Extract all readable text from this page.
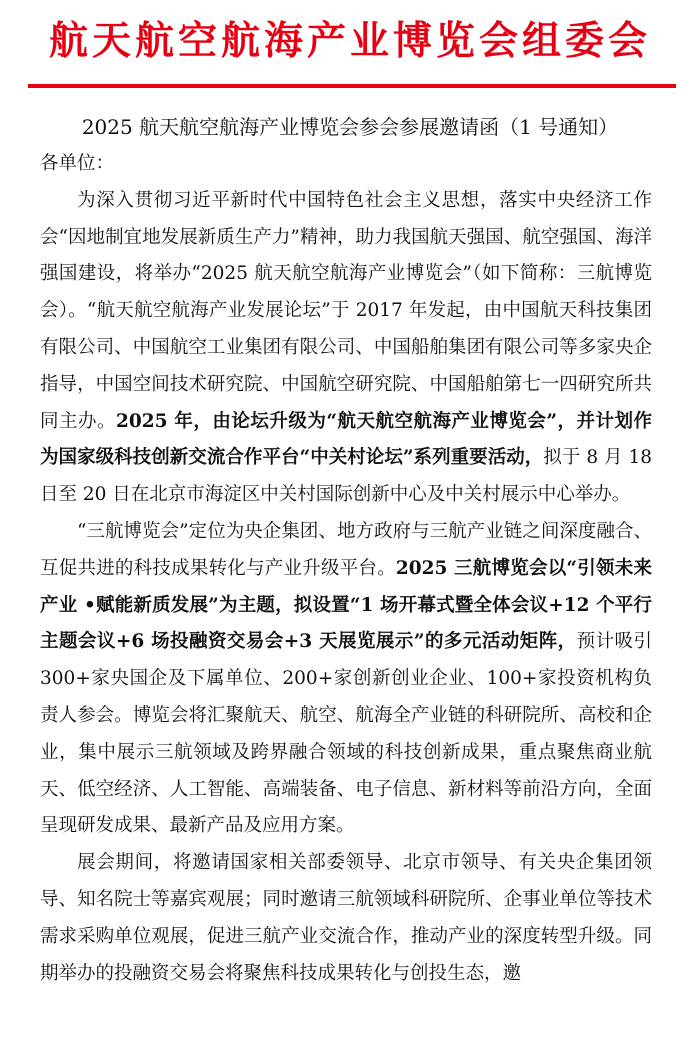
航天航空航海产业博览会组委会
2025 航天航空航海产业博览会参会参展邀请函（1 号通知）

各单位：

为深入贯彻习近平新时代中国特色社会主义思想，落实中央经济工作会“因地制宜地发展新质生产力”精神，助力我国航天强国、航空强国、海洋强国建设，将举办“2025 航天航空航海产业博览会”（如下简称：三航博览会）。“航天航空航海产业发展论坛”于 2017 年发起，由中国航天科技集团有限公司、中国航空工业集团有限公司、中国船舶集团有限公司等多家央企指导，中国空间技术研究院、中国航空研究院、中国船舶第七一四研究所共同主办。2025 年，由论坛升级为“航天航空航海产业博览会”，并计划作为国家级科技创新交流合作平台“中关村论坛”系列重要活动，拟于 8 月 18 日至 20 日在北京市海淀区中关村国际创新中心及中关村展示中心举办。

“三航博览会”定位为央企集团、地方政府与三航产业链之间深度融合、互促共进的科技成果转化与产业升级平台。2025 三航博览会以“引领未来产业 •赋能新质发展”为主题，拟设置“1 场开幕式暨全体会议+12 个平行主题会议+6 场投融资交易会+3 天展览展示”的多元活动矩阵，预计吸引 300+家央国企及下属单位、200+家创新创业企业、100+家投资机构负责人参会。博览会将汇聚航天、航空、航海全产业链的科研院所、高校和企业，集中展示三航领域及跨界融合领域的科技创新成果，重点聚焦商业航天、低空经济、人工智能、高端装备、电子信息、新材料等前沿方向，全面呈现研发成果、最新产品及应用方案。

展会期间，将邀请国家相关部委领导、北京市领导、有关央企集团领导、知名院士等嘉宾观展；同时邀请三航领域科研院所、企事业单位等技术需求采购单位观展，促进三航产业交流合作，推动产业的深度转型升级。同期举办的投融资交易会将聚焦科技成果转化与创投生态，邀
